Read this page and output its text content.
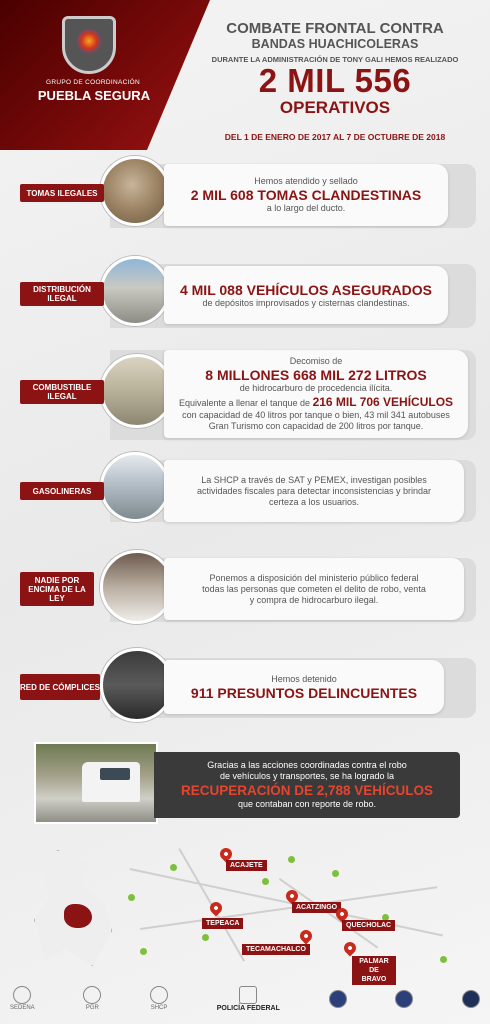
GRUPO DE COORDINACIÓN
PUEBLA SEGURA
COMBATE FRONTAL CONTRA
BANDAS HUACHICOLERAS
DURANTE LA ADMINISTRACIÓN DE TONY GALI HEMOS REALIZADO
2 MIL 556
OPERATIVOS
DEL 1 DE ENERO DE 2017 AL 7 DE OCTUBRE DE 2018
TOMAS ILEGALES
Hemos atendido y sellado
2 MIL 608 TOMAS CLANDESTINAS
a lo largo del ducto.
DISTRIBUCIÓN ILEGAL
4 MIL 088 VEHÍCULOS ASEGURADOS
de depósitos improvisados y cisternas clandestinas.
COMBUSTIBLE ILEGAL
Decomiso de
8 MILLONES 668 MIL 272 LITROS
de hidrocarburo de procedencia ilícita.
Equivalente a llenar el tanque de 216 MIL 706 VEHÍCULOS
con capacidad de 40 litros por tanque o bien, 43 mil 341 autobuses
Gran Turismo con capacidad de 200 litros por tanque.
GASOLINERAS
La SHCP a través de SAT y PEMEX, investigan posibles
actividades fiscales para detectar inconsistencias y brindar
certeza a los usuarios.
NADIE POR ENCIMA DE LA LEY
Ponemos a disposición del ministerio público federal
todas las personas que cometen el delito de robo, venta
y compra de hidrocarburo ilegal.
RED DE CÓMPLICES
Hemos detenido
911 PRESUNTOS DELINCUENTES
Gracias a las acciones coordinadas contra el robo
de vehículos y transportes, se ha logrado la
RECUPERACIÓN DE 2,788 VEHÍCULOS
que contaban con reporte de robo.
ACAJETE
ACATZINGO
TEPEACA	QUECHOLAC
TECAMACHALCO
PALMAR DE BRAVO
SEDENA	PGR	SHCP	POLICÍA FEDERAL
